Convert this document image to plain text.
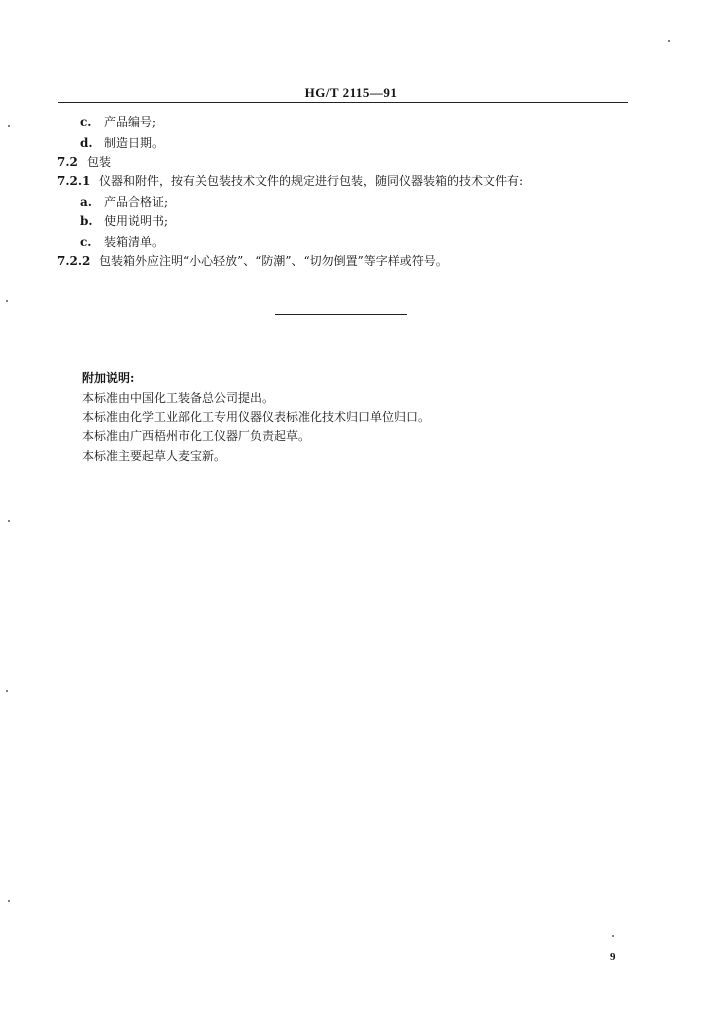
HG/T 2115—91
c. 产品编号;
d. 制造日期。
7.2 包装
7.2.1 仪器和附件，按有关包装技术文件的规定进行包装，随同仪器装箱的技术文件有:
a. 产品合格证;
b. 使用说明书;
c. 装箱清单。
7.2.2 包装箱外应注明“小心轻放”、“防潮”、“切勿倒置”等字样或符号。
附加说明:
本标准由中国化工装备总公司提出。
本标准由化学工业部化工专用仪器仪表标准化技术归口单位归口。
本标准由广西梧州市化工仪器厂负责起草。
本标准主要起草人麦宝新。
9
